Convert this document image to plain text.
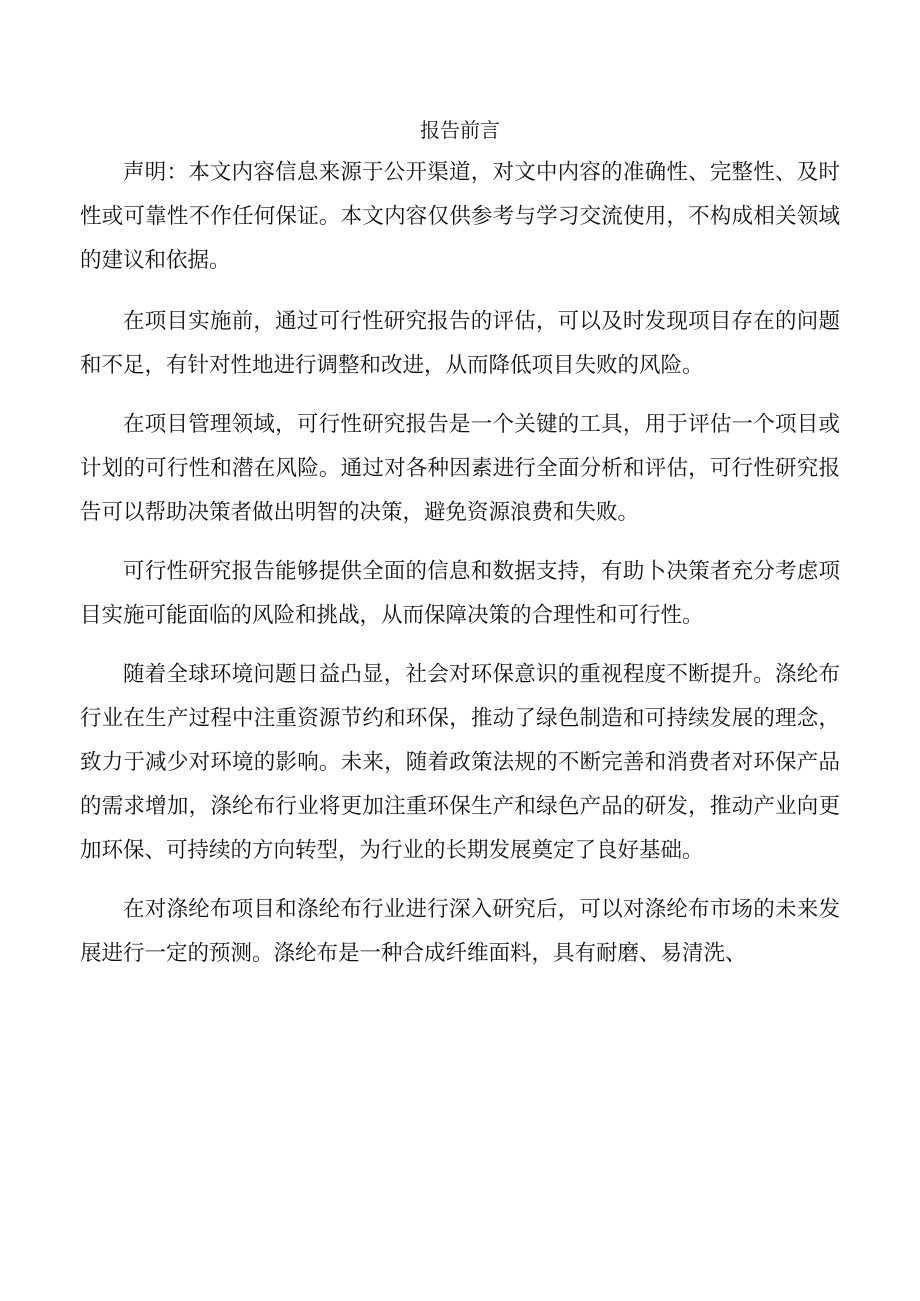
报告前言

声明：本文内容信息来源于公开渠道，对文中内容的准确性、完整性、及时性或可靠性不作任何保证。本文内容仅供参考与学习交流使用，不构成相关领域的建议和依据。

在项目实施前，通过可行性研究报告的评估，可以及时发现项目存在的问题和不足，有针对性地进行调整和改进，从而降低项目失败的风险。

在项目管理领域，可行性研究报告是一个关键的工具，用于评估一个项目或计划的可行性和潜在风险。通过对各种因素进行全面分析和评估，可行性研究报告可以帮助决策者做出明智的决策，避免资源浪费和失败。

可行性研究报告能够提供全面的信息和数据支持，有助卜决策者充分考虑项目实施可能面临的风险和挑战，从而保障决策的合理性和可行性。

随着全球环境问题日益凸显，社会对环保意识的重视程度不断提升。涤纶布行业在生产过程中注重资源节约和环保，推动了绿色制造和可持续发展的理念，致力于减少对环境的影响。未来，随着政策法规的不断完善和消费者对环保产品的需求增加，涤纶布行业将更加注重环保生产和绿色产品的研发，推动产业向更加环保、可持续的方向转型，为行业的长期发展奠定了良好基础。

在对涤纶布项目和涤纶布行业进行深入研究后，可以对涤纶布市场的未来发展进行一定的预测。涤纶布是一种合成纤维面料，具有耐磨、易清洗、
